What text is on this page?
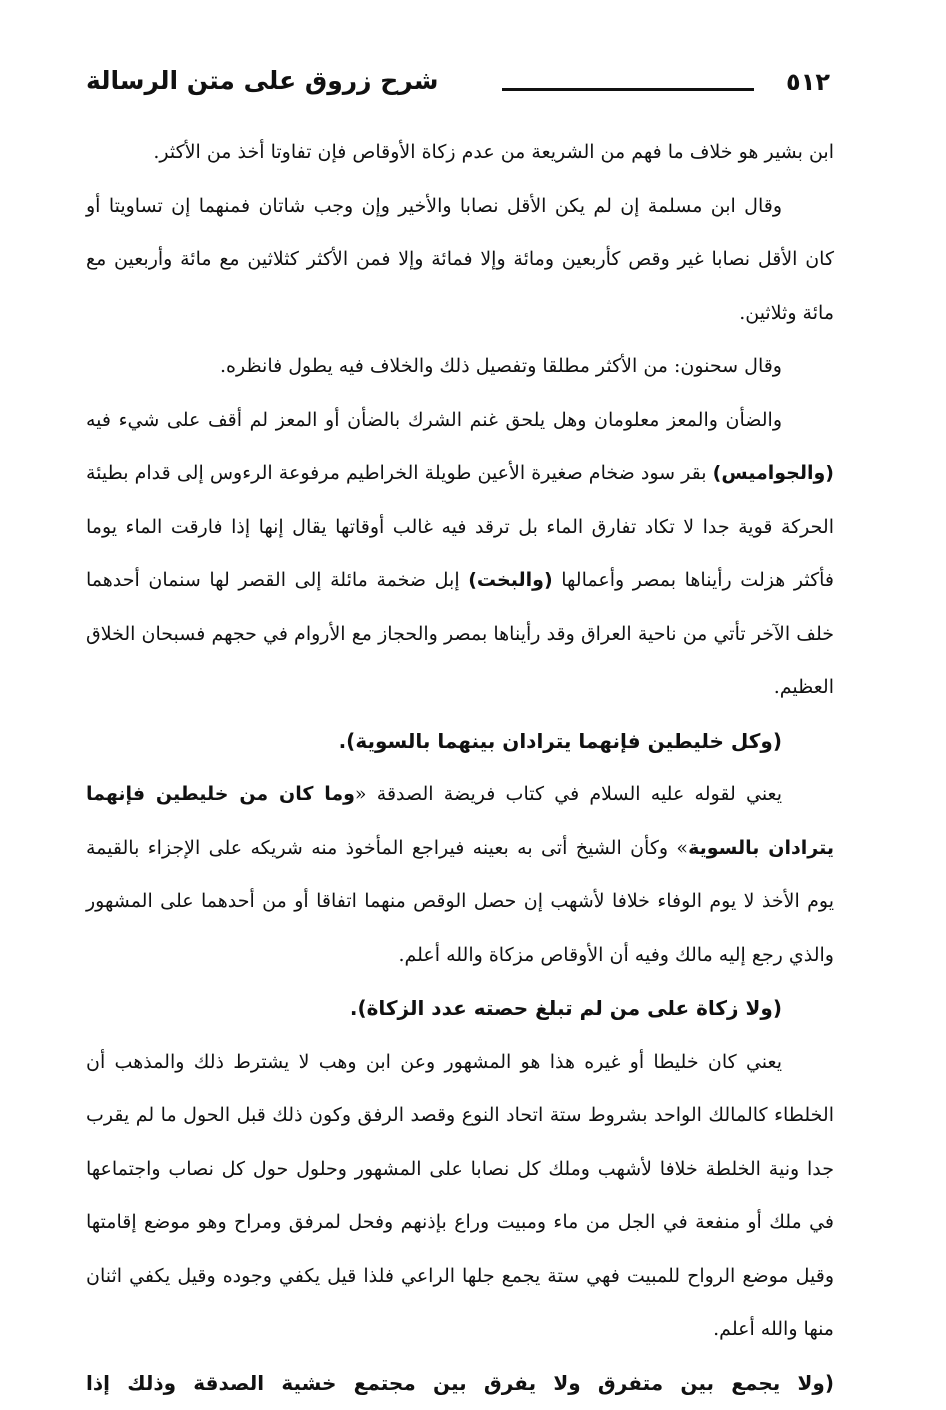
٥١٢
شرح زروق على متن الرسالة

ابن بشير هو خلاف ما فهم من الشريعة من عدم زكاة الأوقاص فإن تفاوتا أخذ من الأكثر.

وقال ابن مسلمة إن لم يكن الأقل نصابا والأخير وإن وجب شاتان فمنهما إن تساويتا أو كان الأقل نصابا غير وقص كأربعين ومائة وإلا فمائة وإلا فمن الأكثر كثلاثين مع مائة وأربعين مع مائة وثلاثين.

وقال سحنون: من الأكثر مطلقا وتفصيل ذلك والخلاف فيه يطول فانظره.

والضأن والمعز معلومان وهل يلحق غنم الشرك بالضأن أو المعز لم أقف على شيء فيه (والجواميس) بقر سود ضخام صغيرة الأعين طويلة الخراطيم مرفوعة الرءوس إلى قدام بطيئة الحركة قوية جدا لا تكاد تفارق الماء بل ترقد فيه غالب أوقاتها يقال إنها إذا فارقت الماء يوما فأكثر هزلت رأيناها بمصر وأعمالها (والبخت) إبل ضخمة مائلة إلى القصر لها سنمان أحدهما خلف الآخر تأتي من ناحية العراق وقد رأيناها بمصر والحجاز مع الأروام في حجهم فسبحان الخلاق العظيم.

(وكل خليطين فإنهما يترادان بينهما بالسوية).

يعني لقوله عليه السلام في كتاب فريضة الصدقة «وما كان من خليطين فإنهما يترادان بالسوية» وكأن الشيخ أتى به بعينه فيراجع المأخوذ منه شريكه على الإجزاء بالقيمة يوم الأخذ لا يوم الوفاء خلافا لأشهب إن حصل الوقص منهما اتفاقا أو من أحدهما على المشهور والذي رجع إليه مالك وفيه أن الأوقاص مزكاة والله أعلم.

(ولا زكاة على من لم تبلغ حصته عدد الزكاة).

يعني كان خليطا أو غيره هذا هو المشهور وعن ابن وهب لا يشترط ذلك والمذهب أن الخلطاء كالمالك الواحد بشروط ستة اتحاد النوع وقصد الرفق وكون ذلك قبل الحول ما لم يقرب جدا ونية الخلطة خلافا لأشهب وملك كل نصابا على المشهور وحلول حول كل نصاب واجتماعها في ملك أو منفعة في الجل من ماء ومبيت وراع بإذنهم وفحل لمرفق ومراح وهو موضع إقامتها وقيل موضع الرواح للمبيت فهي ستة يجمع جلها الراعي فلذا قيل يكفي وجوده وقيل يكفي اثنان منها والله أعلم.

(ولا يجمع بين متفرق ولا يفرق بين مجتمع خشية الصدقة وذلك إذا
